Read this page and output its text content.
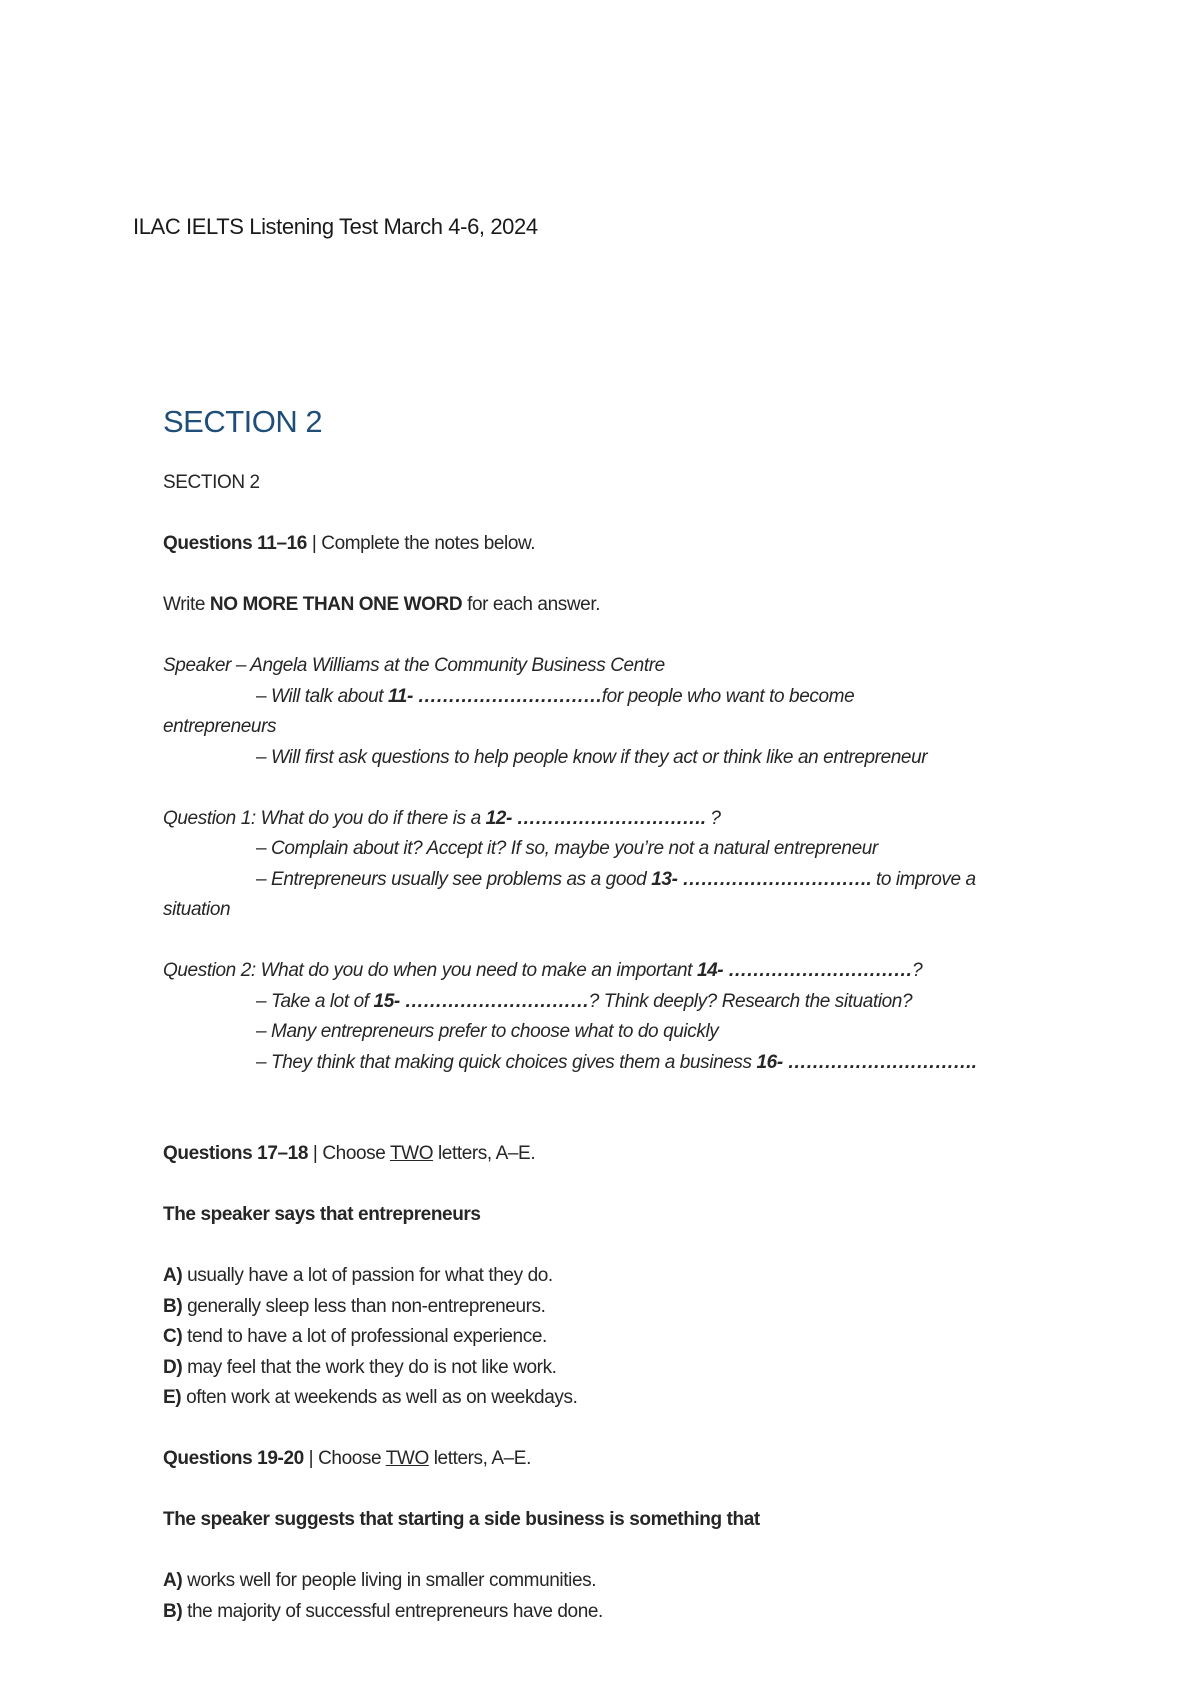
ILAC IELTS Listening Test March 4-6, 2024
SECTION 2
SECTION 2
Questions 11–16 | Complete the notes below.
Write NO MORE THAN ONE WORD for each answer.
Speaker – Angela Williams at the Community Business Centre
– Will talk about 11- …………………………for people who want to become
entrepreneurs
– Will first ask questions to help people know if they act or think like an entrepreneur
Question 1: What do you do if there is a 12- …………………………. ?
– Complain about it? Accept it? If so, maybe you’re not a natural entrepreneur
– Entrepreneurs usually see problems as a good 13- …………………………. to improve a
situation
Question 2: What do you do when you need to make an important 14- …………………………?
– Take a lot of 15- …………………………? Think deeply? Research the situation?
– Many entrepreneurs prefer to choose what to do quickly
– They think that making quick choices gives them a business 16- ………………………….
Questions 17–18 | Choose TWO letters, A–E.
The speaker says that entrepreneurs
A) usually have a lot of passion for what they do.
B) generally sleep less than non-entrepreneurs.
C) tend to have a lot of professional experience.
D) may feel that the work they do is not like work.
E) often work at weekends as well as on weekdays.
Questions 19-20 | Choose TWO letters, A–E.
The speaker suggests that starting a side business is something that
A) works well for people living in smaller communities.
B) the majority of successful entrepreneurs have done.
